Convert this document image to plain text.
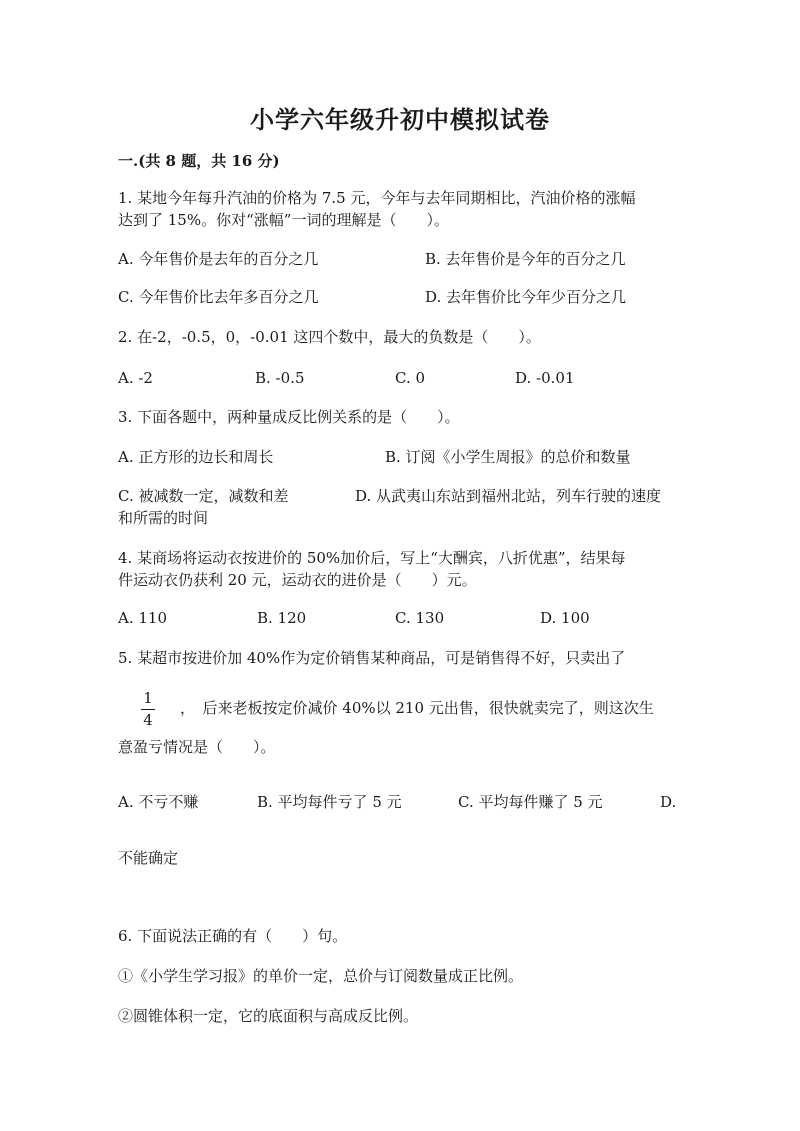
小学六年级升初中模拟试卷
一.(共 8 题，共 16 分)
1. 某地今年每升汽油的价格为 7.5 元，今年与去年同期相比，汽油价格的涨幅
达到了 15%。你对“涨幅”一词的理解是（　　）。
A. 今年售价是去年的百分之几	B. 去年售价是今年的百分之几
C. 今年售价比去年多百分之几	D. 去年售价比今年少百分之几
2. 在-2，-0.5，0，-0.01 这四个数中，最大的负数是（　　）。
A. -2	B. -0.5	C. 0	D. -0.01
3. 下面各题中，两种量成反比例关系的是（　　）。
A. 正方形的边长和周长	B. 订阅《小学生周报》的总价和数量
C. 被减数一定，减数和差	D. 从武夷山东站到福州北站，列车行驶的速度
和所需的时间
4. 某商场将运动衣按进价的 50%加价后，写上“大酬宾，八折优惠”，结果每
件运动衣仍获利 20 元，运动衣的进价是（　　）元。
A. 110	B. 120	C. 130	D. 100
5. 某超市按进价加 40%作为定价销售某种商品，可是销售得不好，只卖出了
1
4
，　后来老板按定价减价 40%以 210 元出售，很快就卖完了，则这次生
意盈亏情况是（　　）。
A. 不亏不赚	B. 平均每件亏了 5 元	C. 平均每件赚了 5 元	D.
不能确定
6. 下面说法正确的有（　　）句。
①《小学生学习报》的单价一定，总价与订阅数量成正比例。
②圆锥体积一定，它的底面积与高成反比例。
